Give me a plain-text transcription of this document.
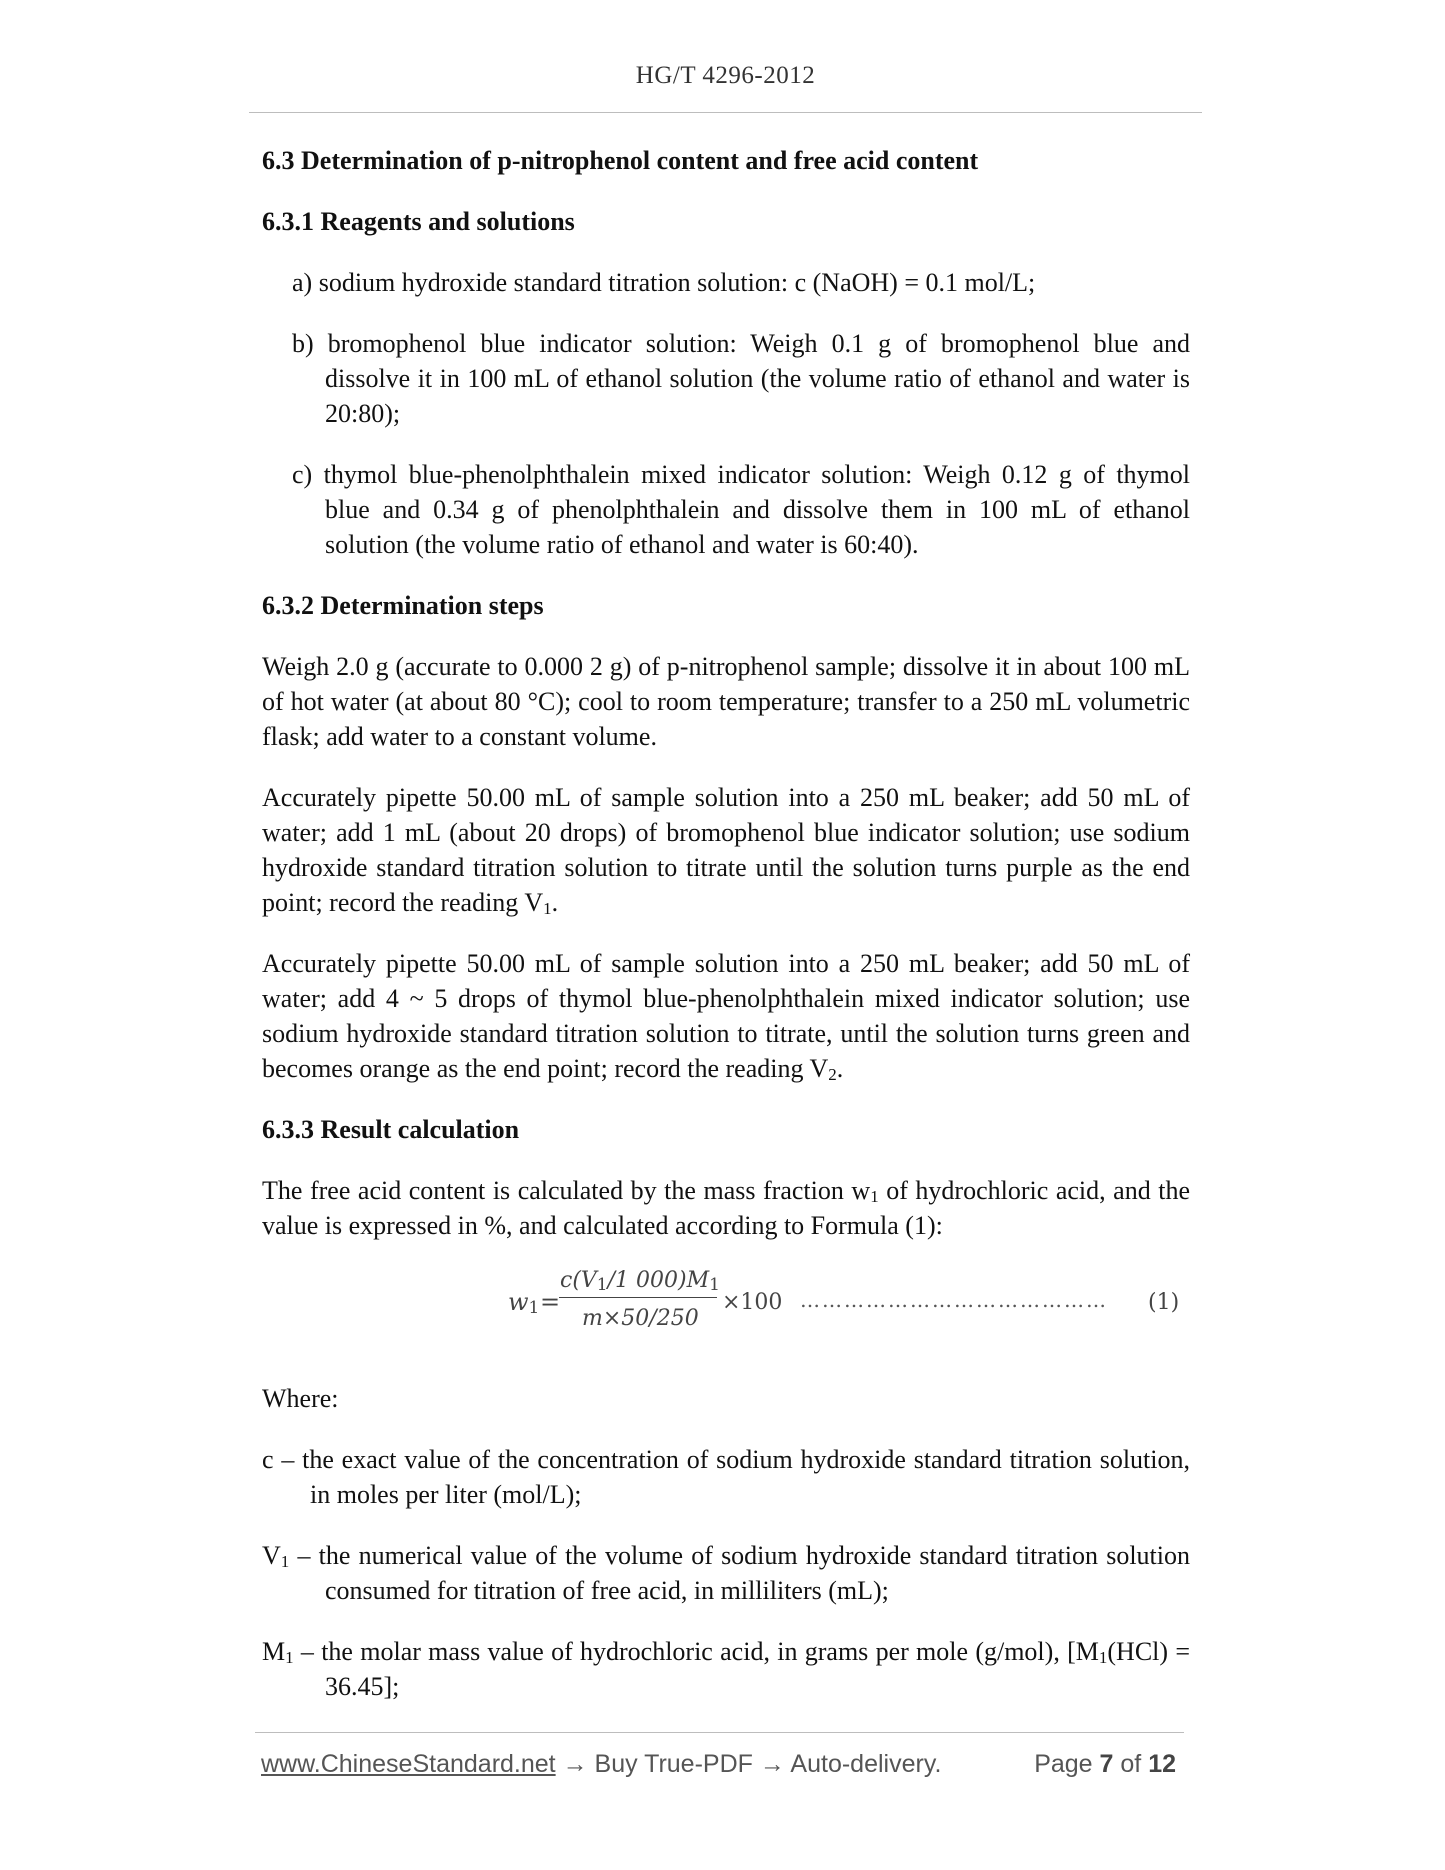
HG/T 4296-2012
6.3 Determination of p-nitrophenol content and free acid content
6.3.1 Reagents and solutions
a) sodium hydroxide standard titration solution: c (NaOH) = 0.1 mol/L;
b) bromophenol blue indicator solution: Weigh 0.1 g of bromophenol blue and dissolve it in 100 mL of ethanol solution (the volume ratio of ethanol and water is 20:80);
c) thymol blue-phenolphthalein mixed indicator solution: Weigh 0.12 g of thymol blue and 0.34 g of phenolphthalein and dissolve them in 100 mL of ethanol solution (the volume ratio of ethanol and water is 60:40).
6.3.2 Determination steps

Weigh 2.0 g (accurate to 0.000 2 g) of p-nitrophenol sample; dissolve it in about 100 mL of hot water (at about 80 °C); cool to room temperature; transfer to a 250 mL volumetric flask; add water to a constant volume.

Accurately pipette 50.00 mL of sample solution into a 250 mL beaker; add 50 mL of water; add 1 mL (about 20 drops) of bromophenol blue indicator solution; use sodium hydroxide standard titration solution to titrate until the solution turns purple as the end point; record the reading $V_1$.

Accurately pipette 50.00 mL of sample solution into a 250 mL beaker; add 50 mL of water; add 4 ~ 5 drops of thymol blue-phenolphthalein mixed indicator solution; use sodium hydroxide standard titration solution to titrate, until the solution turns green and becomes orange as the end point; record the reading $V_2$.

6.3.3 Result calculation

The free acid content is calculated by the mass fraction $w_1$ of hydrochloric acid, and the value is expressed in %, and calculated according to Formula (1):

$w_1$ =
$c(V_1/1$ $000)M_1$
m×50/250
×100 …………………………………… (1)

Where:

c – the exact value of the concentration of sodium hydroxide standard titration solution, in moles per liter (mol/L);
$V_1$ – the numerical value of the volume of sodium hydroxide standard titration solution consumed for titration of free acid, in milliliters (mL);
$M_1$ – the molar mass value of hydrochloric acid, in grams per mole (g/mol), $[M_1(HCl) = 36.45]$;
www.ChineseStandard.net → Buy True-PDF → Auto-delivery.	Page 7 of 12
